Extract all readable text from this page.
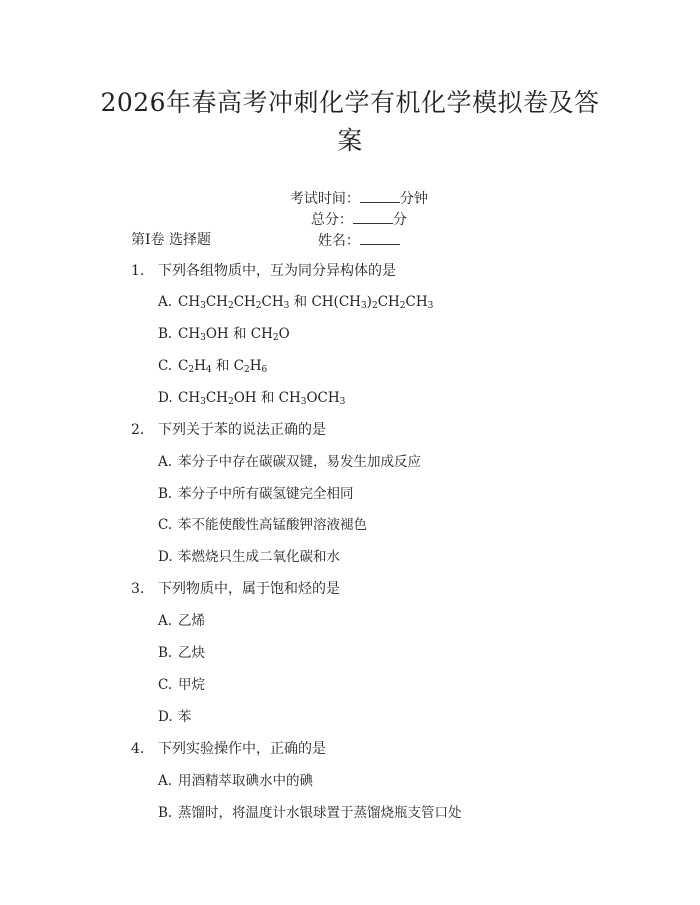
2026年春高考冲刺化学有机化学模拟卷及答案

考试时间：	分钟
总分：	分
姓名：

第Ⅰ卷 选择题
1. 下列各组物质中，互为同分异构体的是
A. $CH_3CH_2CH_2CH_3$ 和 $CH(CH_3)_2CH_2CH_3$
B. $CH_3OH$ 和 $CH_2O$
C. $C_2H_4$ 和 $C_2H_6$
D. $CH_3CH_2OH$ 和 $CH_3OCH_3$
2. 下列关于苯的说法正确的是
A. 苯分子中存在碳碳双键，易发生加成反应
B. 苯分子中所有碳氢键完全相同
C. 苯不能使酸性高锰酸钾溶液褪色
D. 苯燃烧只生成二氧化碳和水
3. 下列物质中，属于饱和烃的是
A. 乙烯
B. 乙炔
C. 甲烷
D. 苯
4. 下列实验操作中，正确的是
A. 用酒精萃取碘水中的碘
B. 蒸馏时，将温度计水银球置于蒸馏烧瓶支管口处
